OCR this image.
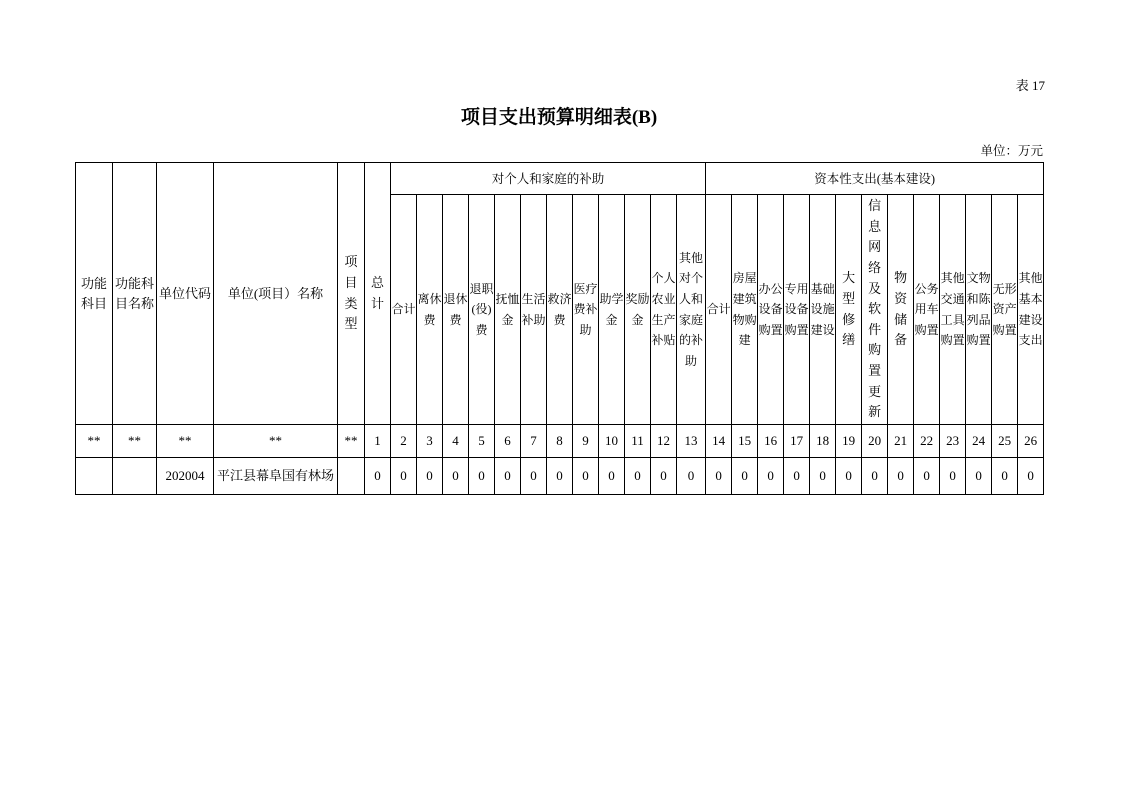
表 17
项目支出预算明细表(B)
单位：万元
功能科目	功能科目名称	单位代码	单位(项目）名称	项目类型	总计	对个人和家庭的补助												资本性支出(基本建设)												

						合计	离休费	退休费	退职(役)费	抚恤金	生活补助	救济费	医疗费补助	助学金	奖励金	个人农业生产补贴	其他对个人和家庭的补助	合计	房屋建筑物购建	办公设备购置	专用设备购置	基础设施建设	大型修缮	信息网络及软件购置更新	物资储备	公务用车购置	其他交通工具购置	文物和陈列品购置	无形资产购置	其他基本建设支出

**	**	**	**	**	1	2	3	4	5	6	7	8	9	10	11	12	13	14	15	16	17	18	19	20	21	22	23	24	25	26
		202004	平江县幕阜国有林场		0	0	0	0	0	0	0	0	0	0	0	0	0	0	0	0	0	0	0	0	0	0	0	0	0	0
